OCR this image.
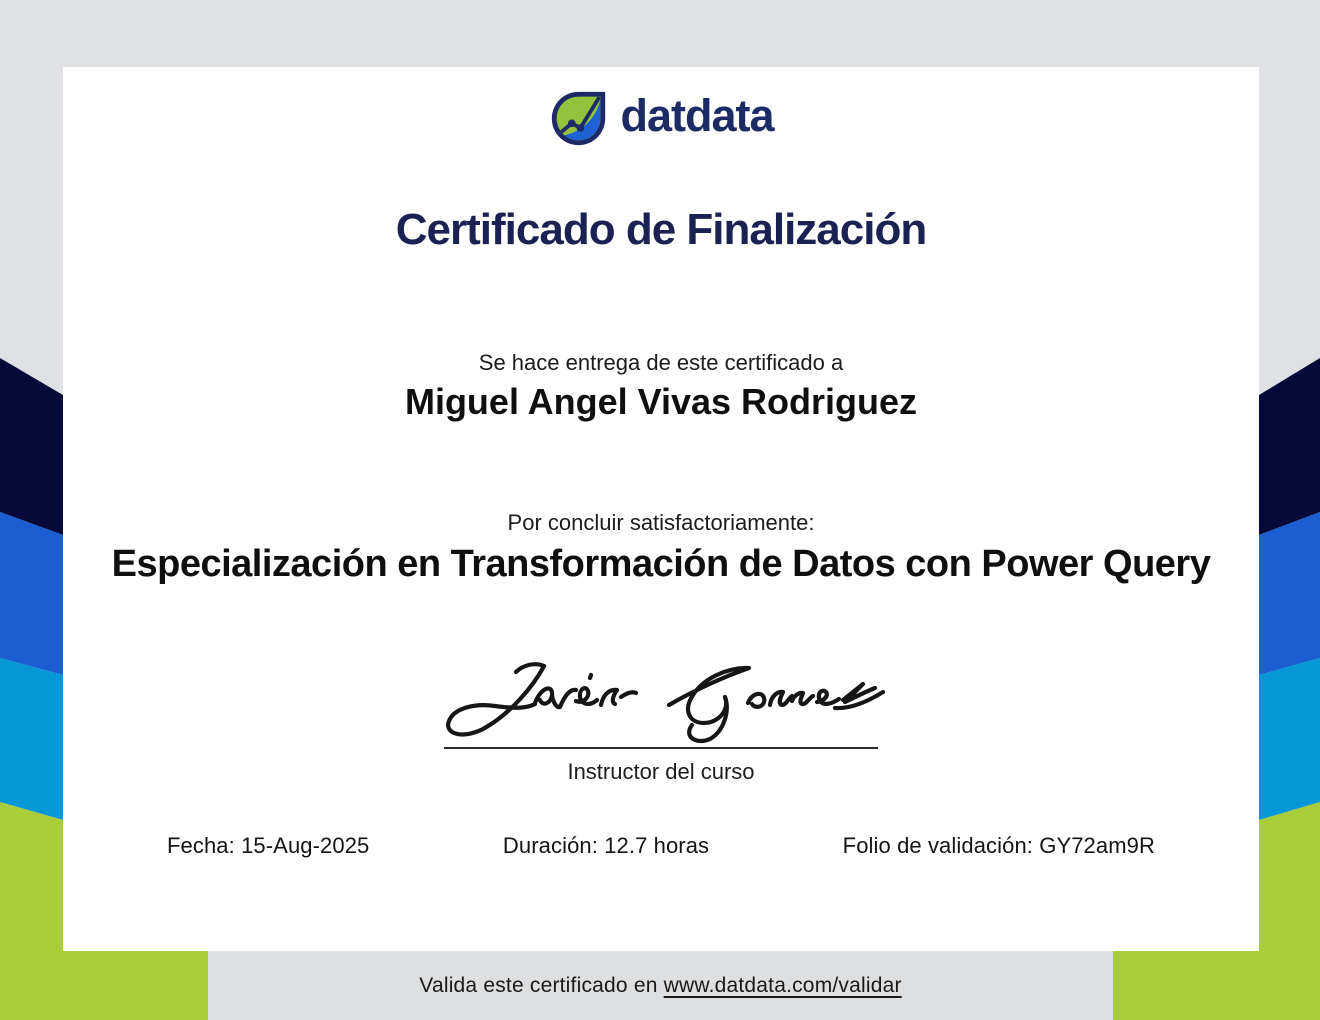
Valida este certificado en www.datdata.com/validar
datdata
Certificado de Finalización
Se hace entrega de este certificado a
Miguel Angel Vivas Rodriguez
Por concluir satisfactoriamente:
Especialización en Transformación de Datos con Power Query
Instructor del curso
Fecha: 15-Aug-2025	Duración: 12.7 horas	Folio de validación: GY72am9R
